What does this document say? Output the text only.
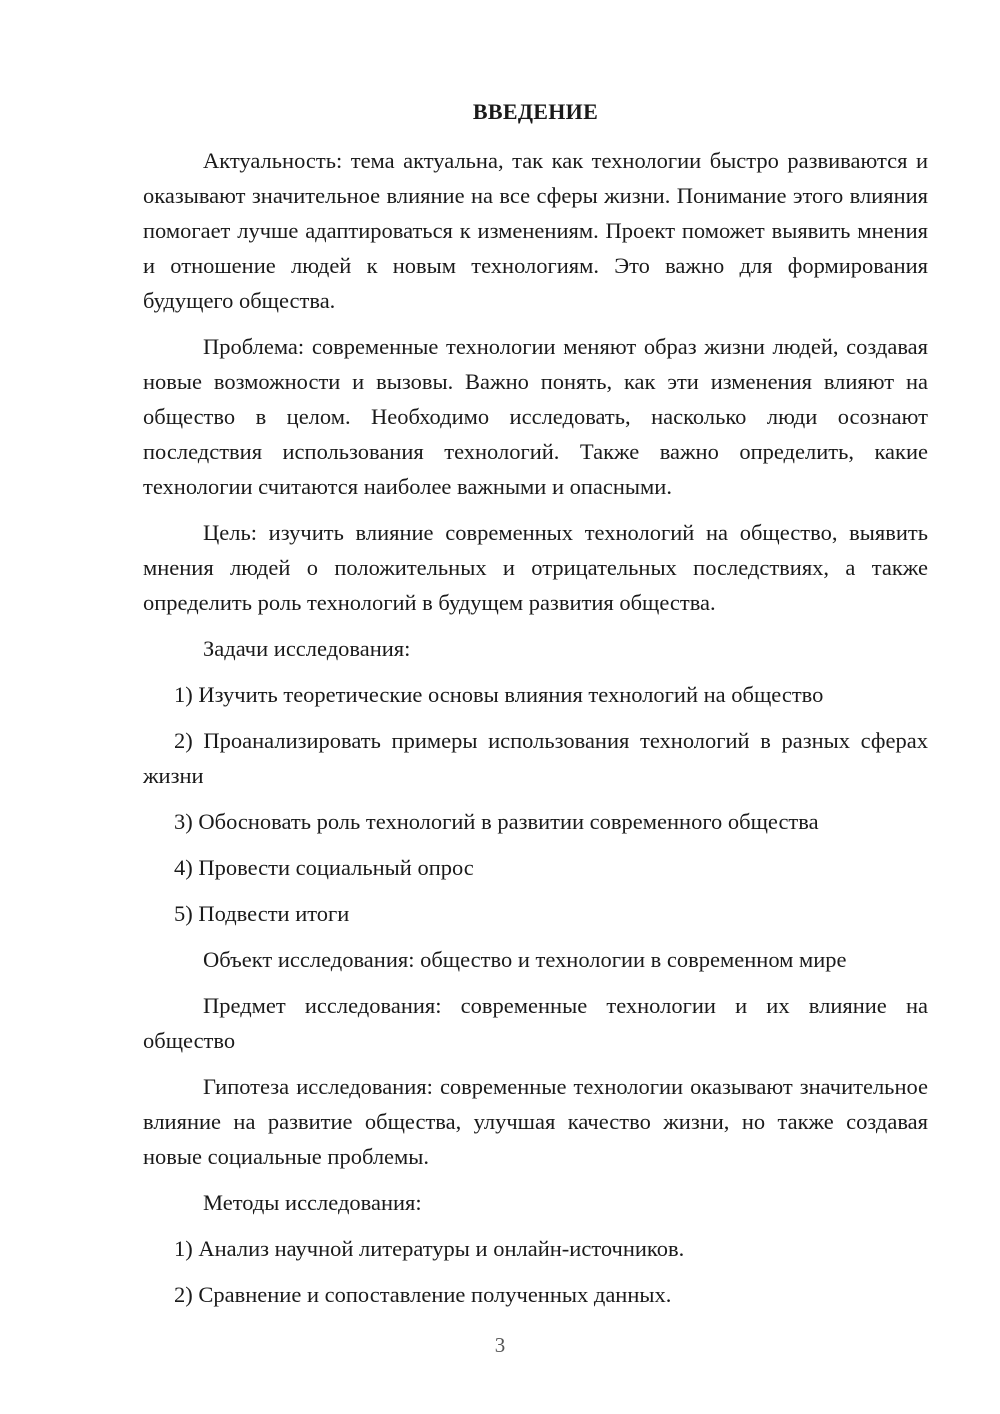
ВВЕДЕНИЕ

Актуальность: тема актуальна, так как технологии быстро развиваются и оказывают значительное влияние на все сферы жизни. Понимание этого влияния помогает лучше адаптироваться к изменениям. Проект поможет выявить мнения и отношение людей к новым технологиям. Это важно для формирования будущего общества.

Проблема: современные технологии меняют образ жизни людей, создавая новые возможности и вызовы. Важно понять, как эти изменения влияют на общество в целом. Необходимо исследовать, насколько люди осознают последствия использования технологий. Также важно определить, какие технологии считаются наиболее важными и опасными.

Цель: изучить влияние современных технологий на общество, выявить мнения людей о положительных и отрицательных последствиях, а также определить роль технологий в будущем развития общества.

Задачи исследования:

1) Изучить теоретические основы влияния технологий на общество

2) Проанализировать примеры использования технологий в разных сферах жизни

3) Обосновать роль технологий в развитии современного общества

4) Провести социальный опрос

5) Подвести итоги

Объект исследования: общество и технологии в современном мире

Предмет исследования: современные технологии и их влияние на общество

Гипотеза исследования: современные технологии оказывают значительное влияние на развитие общества, улучшая качество жизни, но также создавая новые социальные проблемы.

Методы исследования:

1) Анализ научной литературы и онлайн-источников.

2) Сравнение и сопоставление полученных данных.

3
